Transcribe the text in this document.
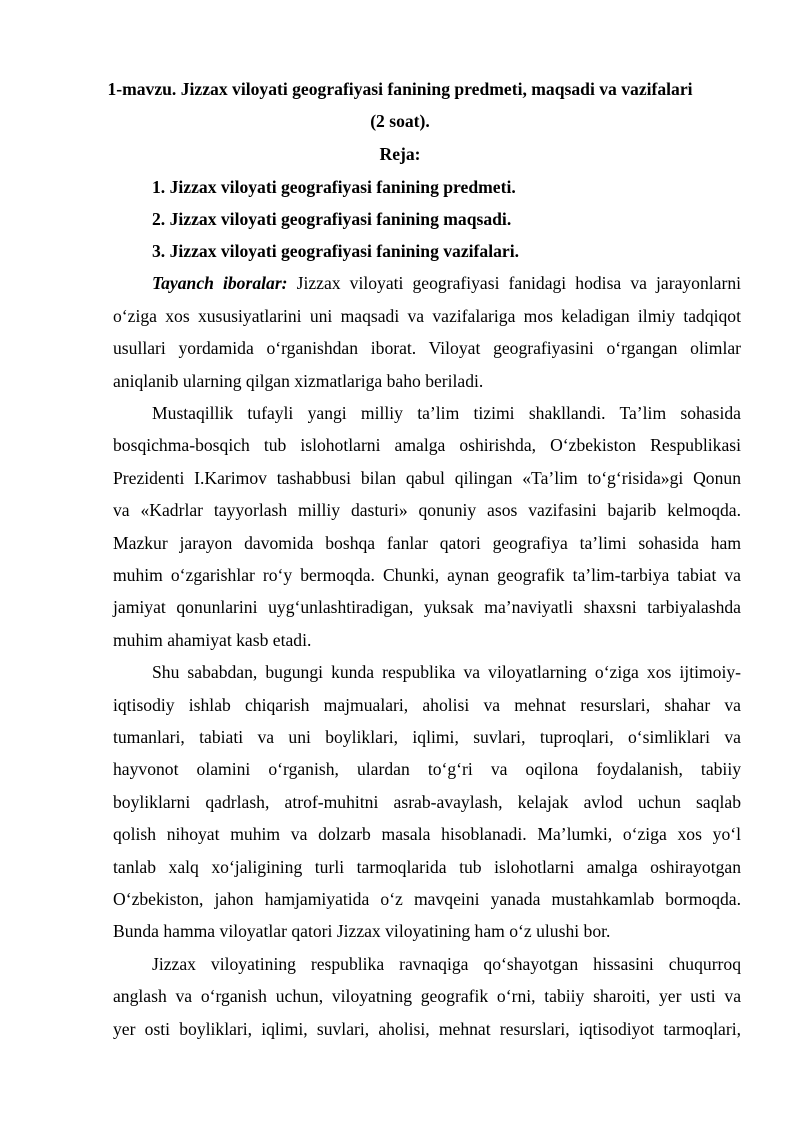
1-mavzu. Jizzax viloyati geografiyasi fanining predmeti, maqsadi va vazifalari
(2 soat).
Reja:
1. Jizzax viloyati geografiyasi fanining predmeti.
2. Jizzax viloyati geografiyasi fanining maqsadi.
3. Jizzax viloyati geografiyasi fanining vazifalari.
Tayanch iboralar: Jizzax viloyati geografiyasi fanidagi hodisa va jarayonlarni
oʻziga xos xususiyatlarini uni maqsadi va vazifalariga mos keladigan ilmiy tadqiqot
usullari yordamida oʻrganishdan iborat. Viloyat geografiyasini oʻrgangan olimlar
aniqlanib ularning qilgan xizmatlariga baho beriladi.
Mustaqillik tufayli yangi milliy ta’lim tizimi shakllandi. Ta’lim sohasida
bosqichma-bosqich tub islohotlarni amalga oshirishda, Oʻzbekiston Respublikasi
Prezidenti I.Karimov tashabbusi bilan qabul qilingan «Ta’lim toʻgʻrisida»gi Qonun
va «Kadrlar tayyorlash milliy dasturi» qonuniy asos vazifasini bajarib kelmoqda.
Mazkur jarayon davomida boshqa fanlar qatori geografiya ta’limi sohasida ham
muhim oʻzgarishlar roʻy bermoqda. Chunki, aynan geografik ta’lim-tarbiya tabiat va
jamiyat qonunlarini uygʻunlashtiradigan, yuksak ma’naviyatli shaxsni tarbiyalashda
muhim ahamiyat kasb etadi.
Shu sababdan, bugungi kunda respublika va viloyatlarning oʻziga xos ijtimoiy-
iqtisodiy ishlab chiqarish majmualari, aholisi va mehnat resurslari, shahar va
tumanlari, tabiati va uni boyliklari, iqlimi, suvlari, tuproqlari, oʻsimliklari va
hayvonot olamini oʻrganish, ulardan toʻgʻri va oqilona foydalanish, tabiiy
boyliklarni qadrlash, atrof-muhitni asrab-avaylash, kelajak avlod uchun saqlab
qolish nihoyat muhim va dolzarb masala hisoblanadi. Ma’lumki, oʻziga xos yoʻl
tanlab xalq xoʻjaligining turli tarmoqlarida tub islohotlarni amalga oshirayotgan
Oʻzbekiston, jahon hamjamiyatida oʻz mavqeini yanada mustahkamlab bormoqda.
Bunda hamma viloyatlar qatori Jizzax viloyatining ham oʻz ulushi bor.
Jizzax viloyatining respublika ravnaqiga qoʻshayotgan hissasini chuqurroq
anglash va oʻrganish uchun, viloyatning geografik oʻrni, tabiiy sharoiti, yer usti va
yer osti boyliklari, iqlimi, suvlari, aholisi, mehnat resurslari, iqtisodiyot tarmoqlari,
